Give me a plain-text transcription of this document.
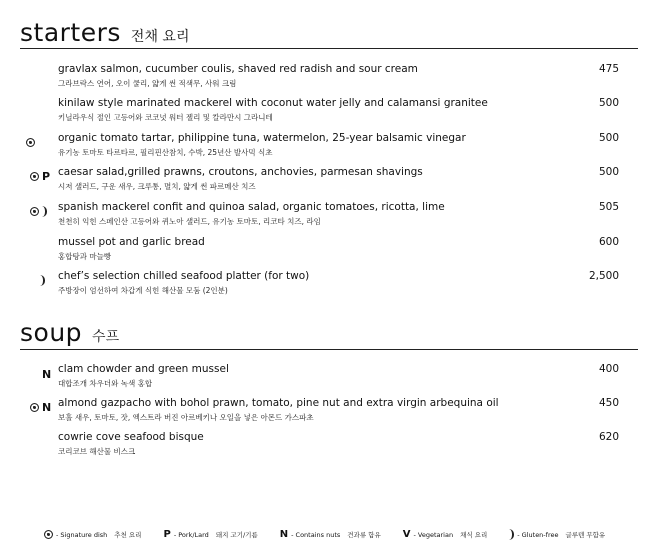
starters 전채 요리
gravlax salmon, cucumber coulis, shaved red radish and sour cream
그라브락스 연어, 오이 쿨리, 얇게 썬 적색무, 사워 크림
475
kinilaw style marinated mackerel with coconut water jelly and calamansi granitee
키닐라우식 절인 고등어와 코코넛 워터 젤리 및 칼라만시 그라니테
500
organic tomato tartar, philippine tuna, watermelon, 25-year balsamic vinegar
유기농 토마토 타르타르, 필리핀산참치, 수박, 25년산 발사믹 식초
500
P caesar salad,grilled prawns, croutons, anchovies, parmesan shavings
시저 샐러드, 구운 새우, 크루통, 멸치, 얇게 썬 파르메산 치즈
500
spanish mackerel confit and quinoa salad, organic tomatoes, ricotta, lime
천천히 익힌 스페인산 고등어와 퀴노아 샐러드, 유기농 토마토, 리코타 치즈, 라임
505
mussel pot and garlic bread
홍합탕과 마늘빵
600
chef’s selection chilled seafood platter (for two)
주방장이 엄선하여 차갑게 식힌 해산물 모둠 (2인분)
2,500
soup 수프
N clam chowder and green mussel
대합조개 차우더와 녹색 홍합
400
N almond gazpacho with bohol prawn, tomato, pine nut and extra virgin arbequina oil
보홀 새우, 토마토, 잣, 엑스트라 버진 아르베키나 오일을 넣은 아몬드 가스파초
450
cowrie cove seafood bisque
코리코브 해산물 비스크
620
- Signature dish 추천 요리 P - Pork/Lard 돼지 고기/기름 N - Contains nuts 견과류 함유 V - Vegetarian 채식 요리	- Gluten-free 글루텐 무함유
